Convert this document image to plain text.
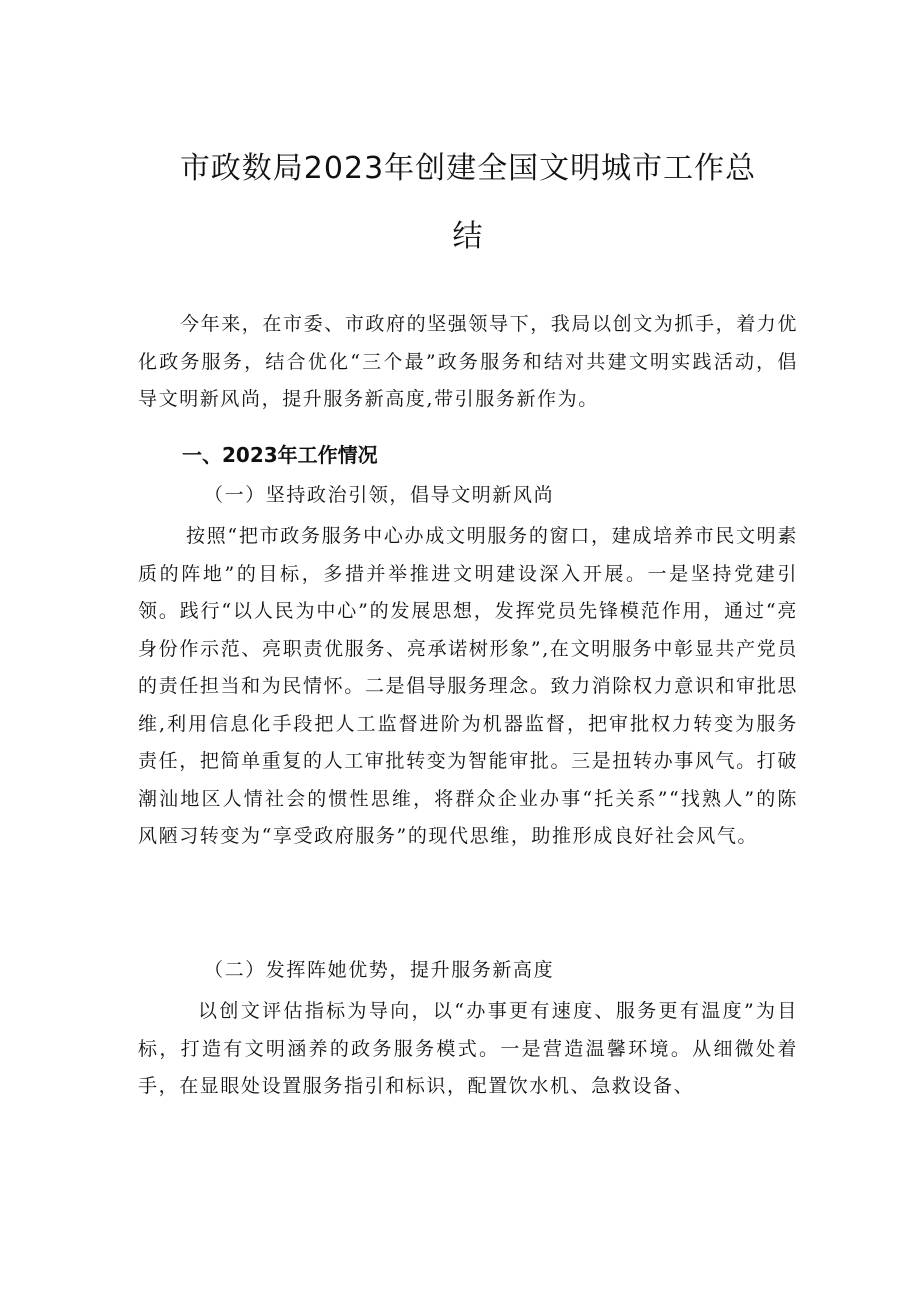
市政数局2023年创建全国文明城市工作总
结
今年来，在市委、市政府的坚强领导下，我局以创文为抓手，着力优化政务服务，结合优化“三个最”政务服务和结对共建文明实践活动，倡导文明新风尚，提升服务新高度,带引服务新作为。
一、2023年工作情况
（一）坚持政治引领，倡导文明新风尚
按照“把市政务服务中心办成文明服务的窗口，建成培养市民文明素质的阵地”的目标，多措并举推进文明建设深入开展。一是坚持党建引领。践行“以人民为中心”的发展思想，发挥党员先锋模范作用，通过“亮身份作示范、亮职责优服务、亮承诺树形象”,在文明服务中彰显共产党员的责任担当和为民情怀。二是倡导服务理念。致力消除权力意识和审批思维,利用信息化手段把人工监督进阶为机器监督，把审批权力转变为服务责任，把简单重复的人工审批转变为智能审批。三是扭转办事风气。打破潮汕地区人情社会的惯性思维，将群众企业办事“托关系”“找熟人”的陈风陋习转变为“享受政府服务”的现代思维，助推形成良好社会风气。
（二）发挥阵她优势，提升服务新高度
以创文评估指标为导向，以“办事更有速度、服务更有温度”为目标，打造有文明涵养的政务服务模式。一是营造温馨环境。从细微处着手，在显眼处设置服务指引和标识，配置饮水机、急救设备、
